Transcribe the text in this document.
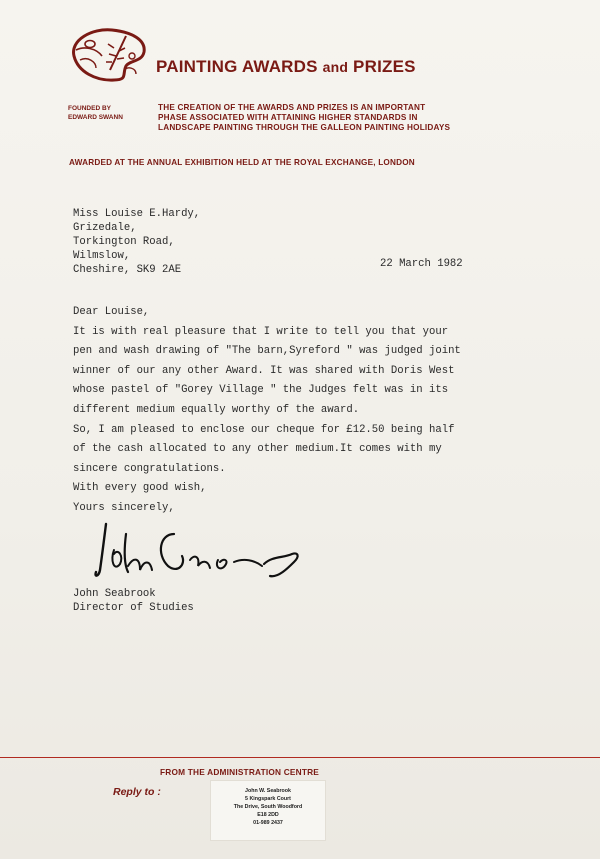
PAINTING AWARDS and PRIZES
FOUNDED BY
EDWARD SWANN
THE CREATION OF THE AWARDS AND PRIZES IS AN IMPORTANT
PHASE ASSOCIATED WITH ATTAINING HIGHER STANDARDS IN
LANDSCAPE PAINTING THROUGH THE GALLEON PAINTING HOLIDAYS
AWARDED AT THE ANNUAL EXHIBITION HELD AT THE ROYAL EXCHANGE, LONDON
Miss Louise E.Hardy,
Grizedale,
Torkington Road,
Wilmslow,
Cheshire, SK9 2AE	22 March 1982
Dear Louise,
It is with real pleasure that I write to tell you that your
pen and wash drawing of "The barn,Syreford " was judged joint
winner of our any other Award. It was shared with Doris West
whose pastel of "Gorey Village " the Judges felt was in its
different medium equally worthy of the award.
So, I am pleased to enclose our cheque for £12.50 being half
of the cash allocated to any other medium.It comes with my
sincere congratulations.
With every good wish,
Yours sincerely,
John Seabrook
Director of Studies
FROM THE ADMINISTRATION CENTRE
Reply to :	John W. Seabrook
5 Kingspark Court
The Drive, South Woodford
E18 2DD
01-989 2437
